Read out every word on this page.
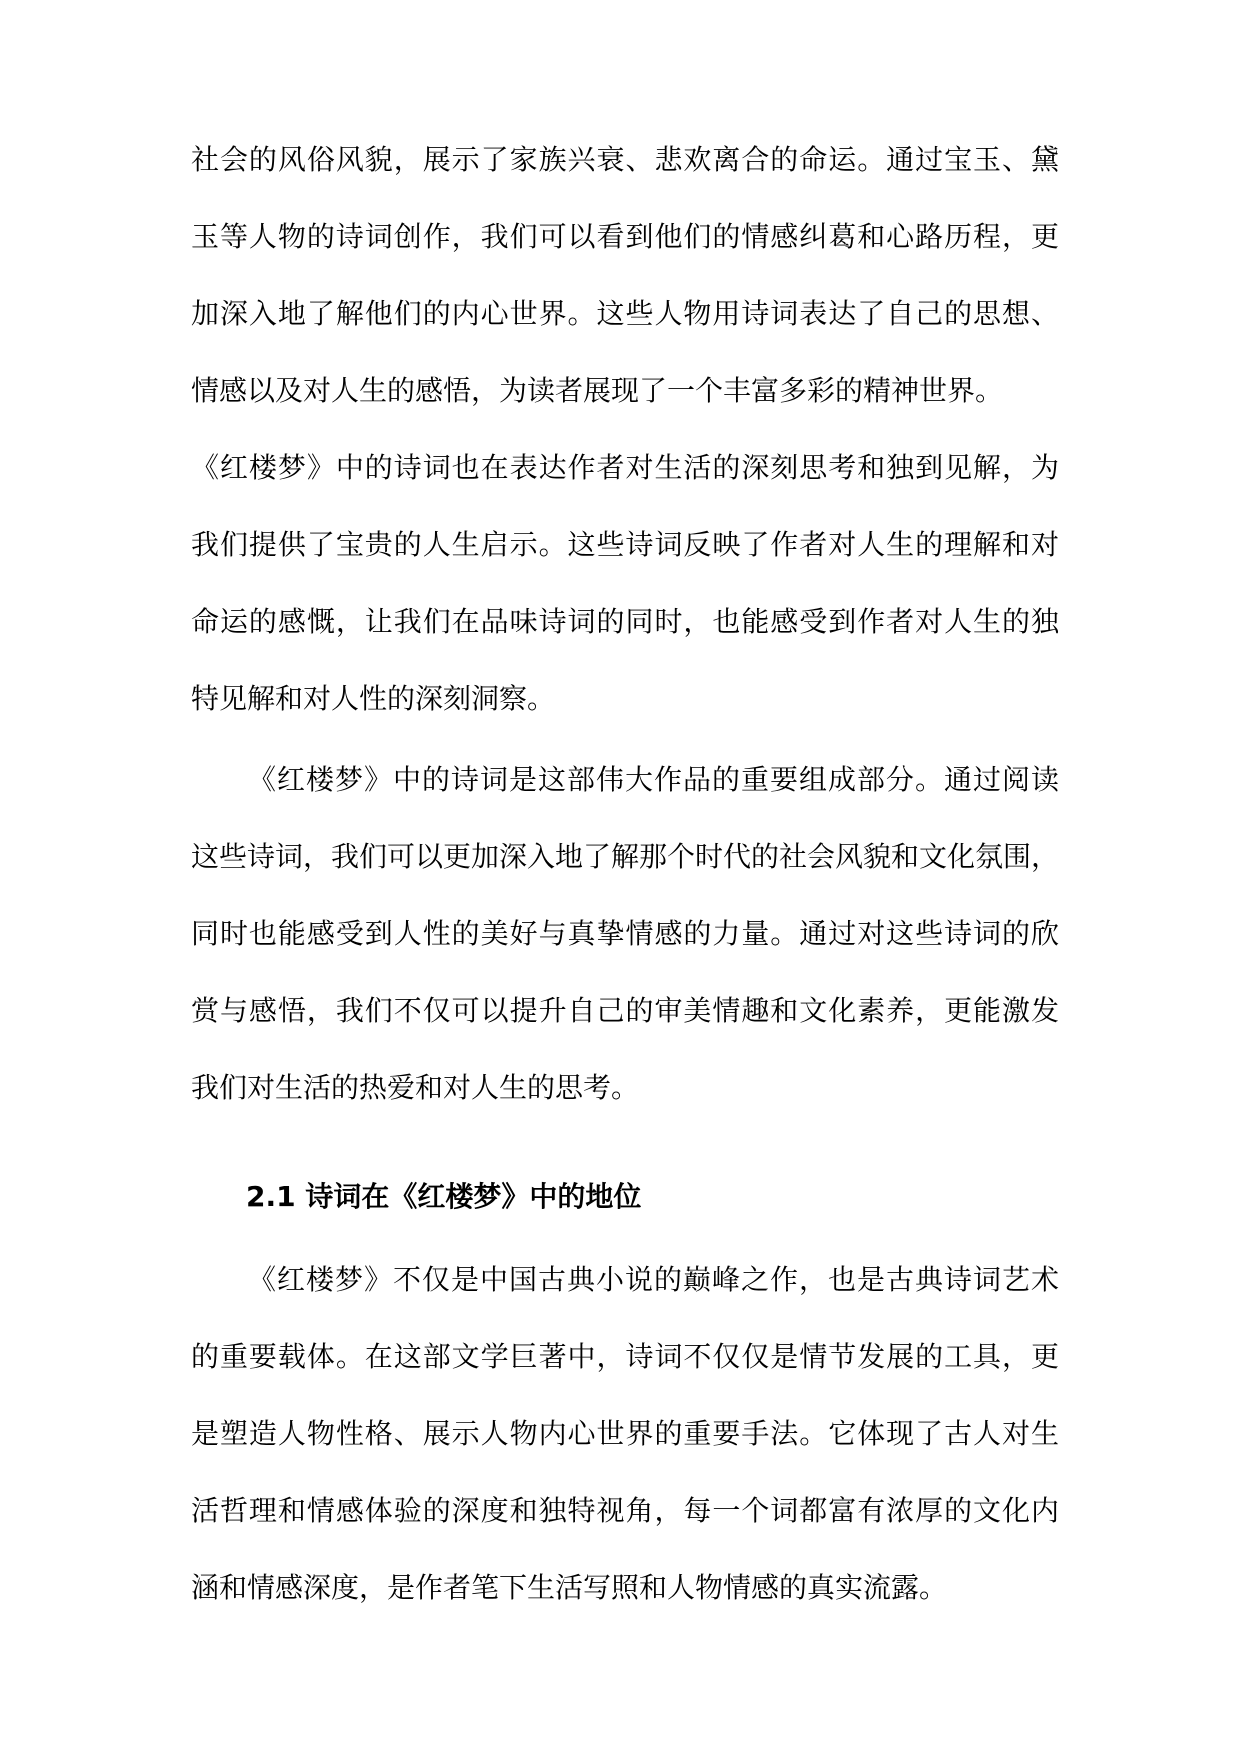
社会的风俗风貌，展示了家族兴衰、悲欢离合的命运。通过宝玉、黛
玉等人物的诗词创作，我们可以看到他们的情感纠葛和心路历程，更
加深入地了解他们的内心世界。这些人物用诗词表达了自己的思想、
情感以及对人生的感悟，为读者展现了一个丰富多彩的精神世界。
《红楼梦》中的诗词也在表达作者对生活的深刻思考和独到见解，为
我们提供了宝贵的人生启示。这些诗词反映了作者对人生的理解和对
命运的感慨，让我们在品味诗词的同时，也能感受到作者对人生的独
特见解和对人性的深刻洞察。
《红楼梦》中的诗词是这部伟大作品的重要组成部分。通过阅读
这些诗词，我们可以更加深入地了解那个时代的社会风貌和文化氛围，
同时也能感受到人性的美好与真挚情感的力量。通过对这些诗词的欣
赏与感悟，我们不仅可以提升自己的审美情趣和文化素养，更能激发
我们对生活的热爱和对人生的思考。
2.1 诗词在《红楼梦》中的地位
《红楼梦》不仅是中国古典小说的巅峰之作，也是古典诗词艺术
的重要载体。在这部文学巨著中，诗词不仅仅是情节发展的工具，更
是塑造人物性格、展示人物内心世界的重要手法。它体现了古人对生
活哲理和情感体验的深度和独特视角，每一个词都富有浓厚的文化内
涵和情感深度，是作者笔下生活写照和人物情感的真实流露。
